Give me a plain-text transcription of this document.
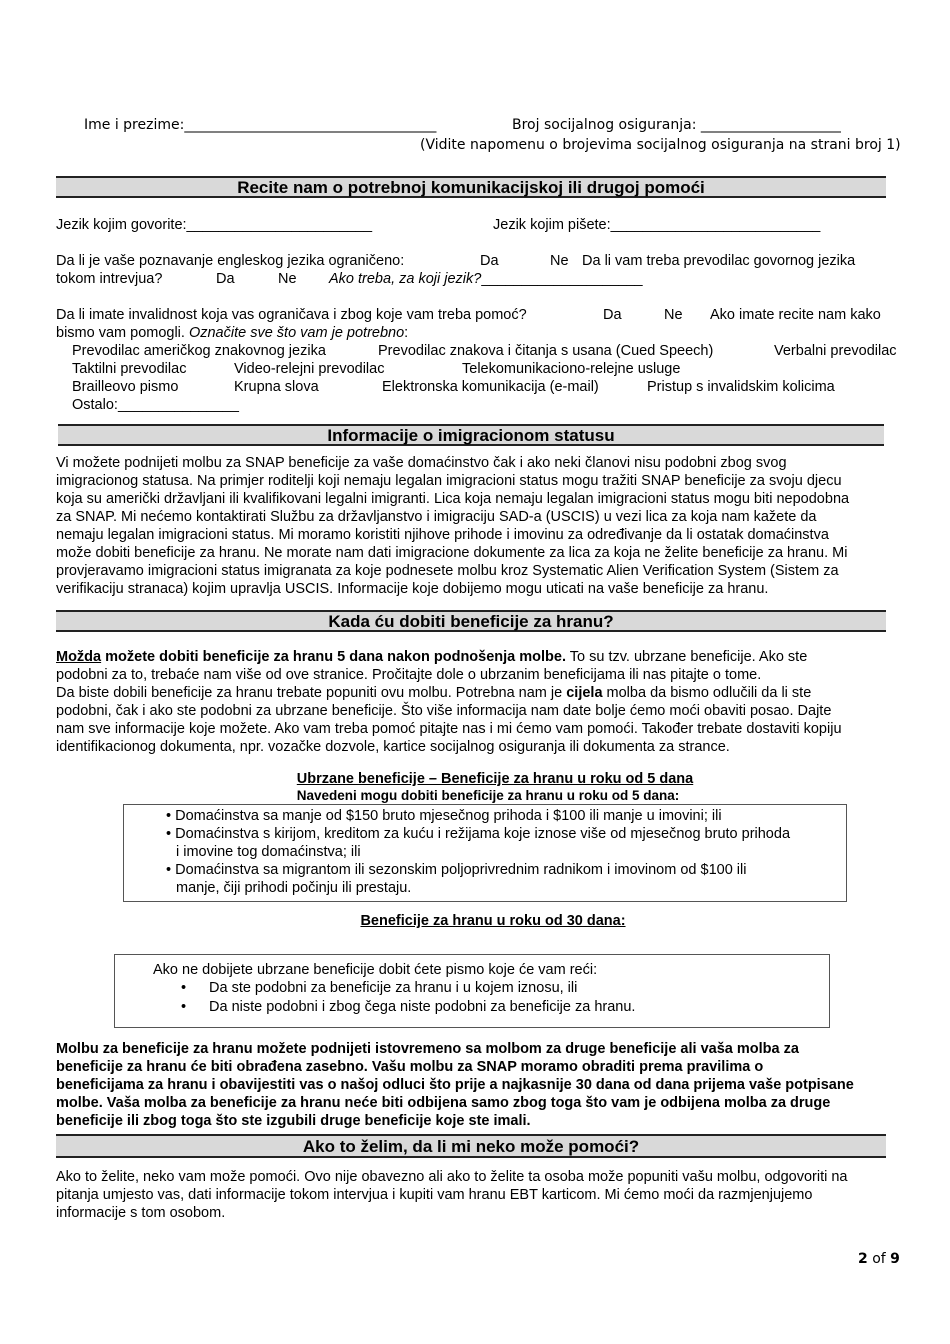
Ime i prezime:____________________________________	Broj socijalnog osiguranja: ____________________
(Vidite napomenu o brojevima socijalnog osiguranja na strani broj 1)
Recite nam o potrebnoj komunikacijskoj ili drugoj pomoći
Jezik kojim govorite:_______________________	Jezik kojim pišete:__________________________
Da li je vaše poznavanje engleskog jezika ograničeno:	Da	Ne Da li vam treba prevodilac govornog jezika
tokom intrevjua?	Da	Ne Ako treba, za koji jezik?____________________
Da li imate invalidnost koja vas ograničava i zbog koje vam treba pomoć?	Da	Ne Ako imate recite nam kako
bismo vam pomogli. Označite sve što vam je potrebno:
Prevodilac američkog znakovnog jezika	Prevodilac znakova i čitanja s usana (Cued Speech)	Verbalni prevodilac
Taktilni prevodilac	Video-relejni prevodilac	Telekomunikaciono-relejne usluge
Brailleovo pismo	Krupna slova	Elektronska komunikacija (e-mail)	Pristup s invalidskim kolicima
Ostalo:_______________
Informacije o imigracionom statusu
Vi možete podnijeti molbu za SNAP beneficije za vaše domaćinstvo čak i ako neki članovi nisu podobni zbog svog
imigracionog statusa. Na primjer roditelji koji nemaju legalan imigracioni status mogu tražiti SNAP beneficije za svoju djecu
koja su američki državljani ili kvalifikovani legalni imigranti. Lica koja nemaju legalan imigracioni status mogu biti nepodobna
za SNAP. Mi nećemo kontaktirati Službu za državljanstvo i imigraciju SAD-a (USCIS) u vezi lica za koja nam kažete da
nemaju legalan imigracioni status. Mi moramo koristiti njihove prihode i imovinu za određivanje da li ostatak domaćinstva
može dobiti beneficije za hranu. Ne morate nam dati imigracione dokumente za lica za koja ne želite beneficije za hranu. Mi
provjeravamo imigracioni status imigranata za koje podnesete molbu kroz Systematic Alien Verification System (Sistem za
verifikaciju stranaca) kojim upravlja USCIS. Informacije koje dobijemo mogu uticati na vaše beneficije za hranu.
Kada ću dobiti beneficije za hranu?
Možda možete dobiti beneficije za hranu 5 dana nakon podnošenja molbe. To su tzv. ubrzane beneficije. Ako ste
podobni za to, trebaće nam više od ove stranice. Pročitajte dole o ubrzanim beneficijama ili nas pitajte o tome.
Da biste dobili beneficije za hranu trebate popuniti ovu molbu. Potrebna nam je cijela molba da bismo odlučili da li ste
podobni, čak i ako ste podobni za ubrzane beneficije. Što više informacija nam date bolje ćemo moći obaviti posao. Dajte
nam sve informacije koje možete. Ako vam treba pomoć pitajte nas i mi ćemo vam pomoći. Također trebate dostaviti kopiju
identifikacionog dokumenta, npr. vozačke dozvole, kartice socijalnog osiguranja ili dokumenta za strance.
Ubrzane beneficije – Beneficije za hranu u roku od 5 dana
Navedeni mogu dobiti beneficije za hranu u roku od 5 dana:
• Domaćinstva sa manje od $150 bruto mjesečnog prihoda i $100 ili manje u imovini; ili
• Domaćinstva s kirijom, kreditom za kuću i režijama koje iznose više od mjesečnog bruto prihoda
i imovine tog domaćinstva; ili
• Domaćinstva sa migrantom ili sezonskim poljoprivrednim radnikom i imovinom od $100 ili
manje, čiji prihodi počinju ili prestaju.
Beneficije za hranu u roku od 30 dana:
Ako ne dobijete ubrzane beneficije dobit ćete pismo koje će vam reći:
• Da ste podobni za beneficije za hranu i u kojem iznosu, ili
• Da niste podobni i zbog čega niste podobni za beneficije za hranu.
Molbu za beneficije za hranu možete podnijeti istovremeno sa molbom za druge beneficije ali vaša molba za
beneficije za hranu će biti obrađena zasebno. Vašu molbu za SNAP moramo obraditi prema pravilima o
beneficijama za hranu i obavijestiti vas o našoj odluci što prije a najkasnije 30 dana od dana prijema vaše potpisane
molbe. Vaša molba za beneficije za hranu neće biti odbijena samo zbog toga što vam je odbijena molba za druge
beneficije ili zbog toga što ste izgubili druge beneficije koje ste imali.
Ako to želim, da li mi neko može pomoći?
Ako to želite, neko vam može pomoći. Ovo nije obavezno ali ako to želite ta osoba može popuniti vašu molbu, odgovoriti na
pitanja umjesto vas, dati informacije tokom intervjua i kupiti vam hranu EBT karticom. Mi ćemo moći da razmjenjujemo
informacije s tom osobom.
2 of 9
